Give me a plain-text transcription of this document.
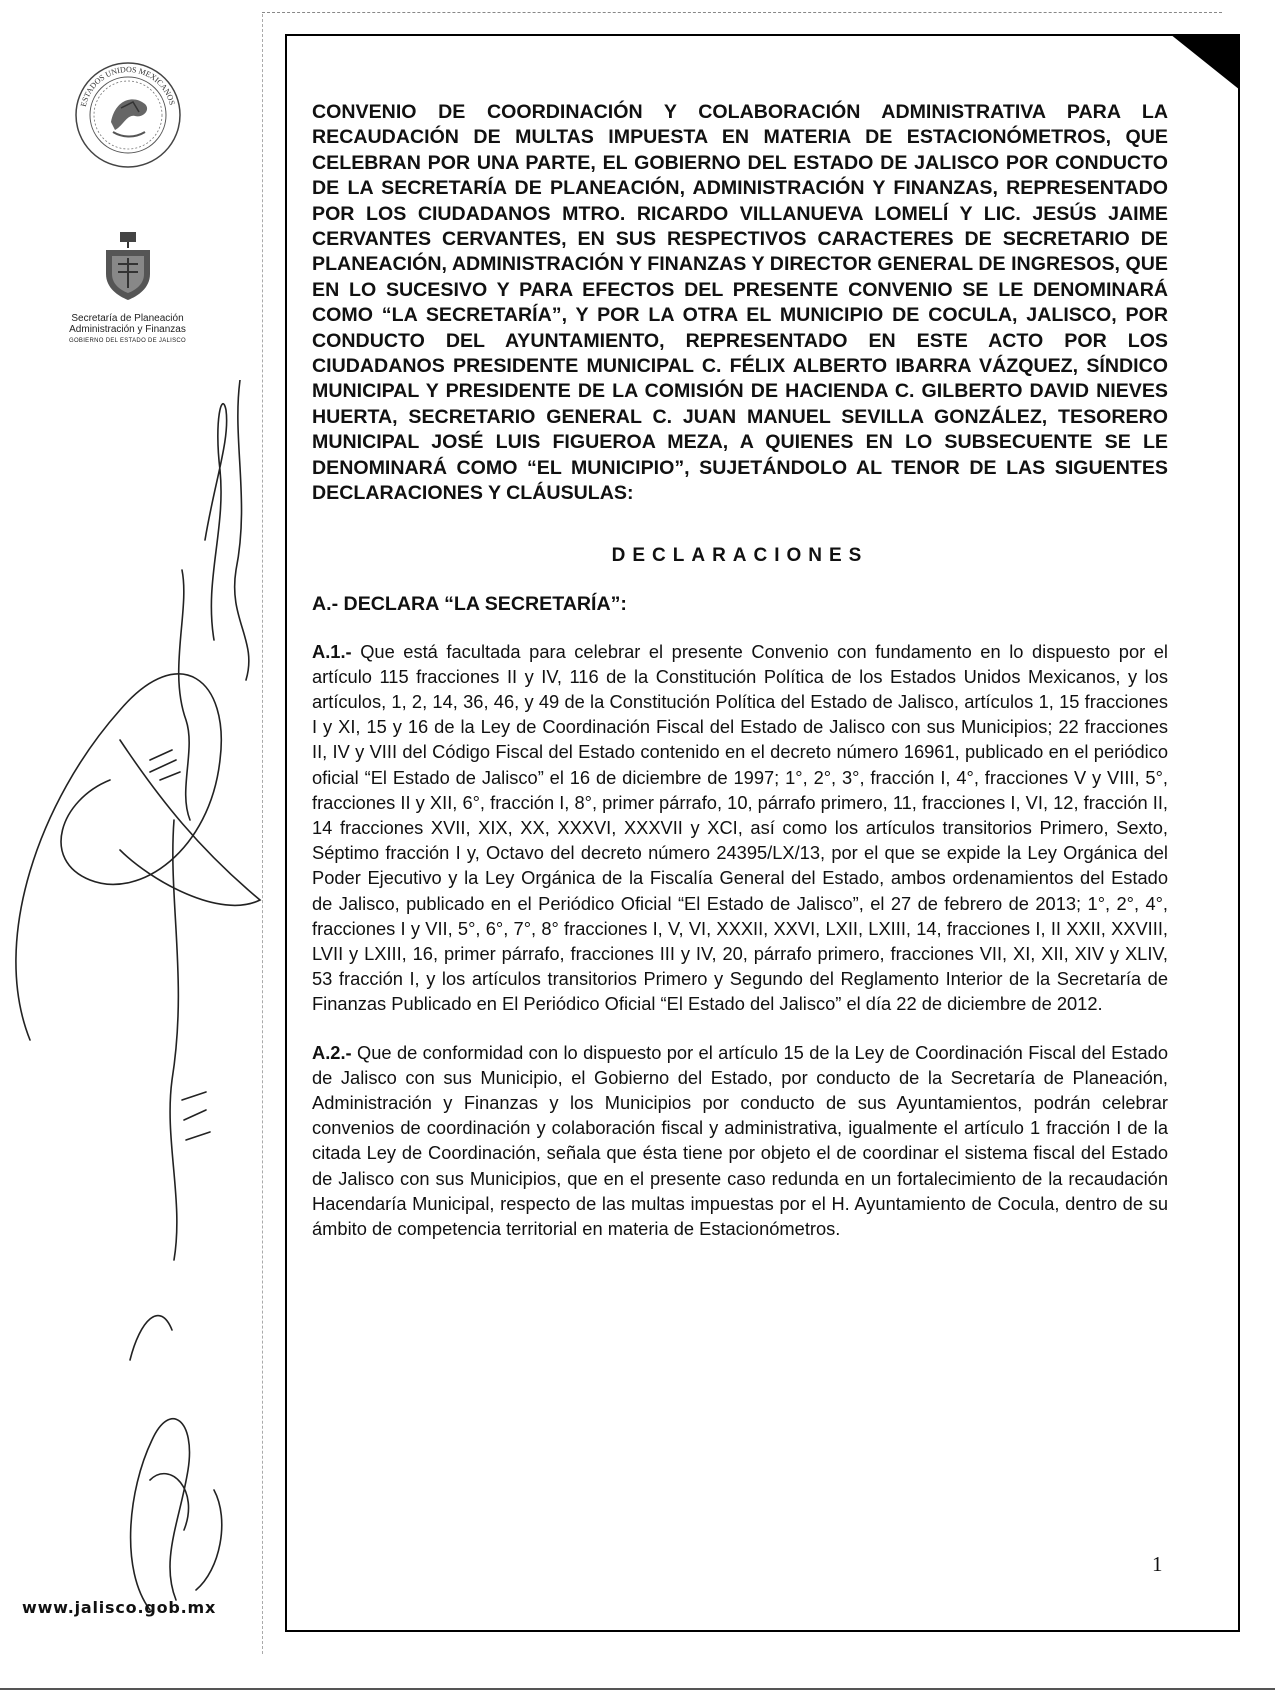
ESTADOS UNIDOS MEXICANOS
Secretaría de Planeación
Administración y Finanzas
GOBIERNO DEL ESTADO DE JALISCO

CONVENIO DE COORDINACIÓN Y COLABORACIÓN ADMINISTRATIVA PARA LA RECAUDACIÓN DE MULTAS IMPUESTA EN MATERIA DE ESTACIONÓMETROS, QUE CELEBRAN POR UNA PARTE, EL GOBIERNO DEL ESTADO DE JALISCO POR CONDUCTO DE LA SECRETARÍA DE PLANEACIÓN, ADMINISTRACIÓN Y FINANZAS, REPRESENTADO POR LOS CIUDADANOS MTRO. RICARDO VILLANUEVA LOMELÍ Y LIC. JESÚS JAIME CERVANTES CERVANTES, EN SUS RESPECTIVOS CARACTERES DE SECRETARIO DE PLANEACIÓN, ADMINISTRACIÓN Y FINANZAS Y DIRECTOR GENERAL DE INGRESOS, QUE EN LO SUCESIVO Y PARA EFECTOS DEL PRESENTE CONVENIO SE LE DENOMINARÁ COMO “LA SECRETARÍA”, Y POR LA OTRA EL MUNICIPIO DE COCULA, JALISCO, POR CONDUCTO DEL AYUNTAMIENTO, REPRESENTADO EN ESTE ACTO POR LOS CIUDADANOS PRESIDENTE MUNICIPAL C. FÉLIX ALBERTO IBARRA VÁZQUEZ, SÍNDICO MUNICIPAL Y PRESIDENTE DE LA COMISIÓN DE HACIENDA C. GILBERTO DAVID NIEVES HUERTA, SECRETARIO GENERAL C. JUAN MANUEL SEVILLA GONZÁLEZ, TESORERO MUNICIPAL JOSÉ LUIS FIGUEROA MEZA, A QUIENES EN LO SUBSECUENTE SE LE DENOMINARÁ COMO “EL MUNICIPIO”, SUJETÁNDOLO AL TENOR DE LAS SIGUENTES DECLARACIONES Y CLÁUSULAS:

DECLARACIONES

A.- DECLARA “LA SECRETARÍA”:

A.1.- Que está facultada para celebrar el presente Convenio con fundamento en lo dispuesto por el artículo 115 fracciones II y IV, 116 de la Constitución Política de los Estados Unidos Mexicanos, y los artículos, 1, 2, 14, 36, 46, y 49 de la Constitución Política del Estado de Jalisco, artículos 1, 15 fracciones I y XI, 15 y 16 de la Ley de Coordinación Fiscal del Estado de Jalisco con sus Municipios; 22 fracciones II, IV y VIII del Código Fiscal del Estado contenido en el decreto número 16961, publicado en el periódico oficial “El Estado de Jalisco” el 16 de diciembre de 1997; 1°, 2°, 3°, fracción I, 4°, fracciones V y VIII, 5°, fracciones II y XII, 6°, fracción I, 8°, primer párrafo, 10, párrafo primero, 11, fracciones I, VI, 12, fracción II, 14 fracciones XVII, XIX, XX, XXXVI, XXXVII y XCI, así como los artículos transitorios Primero, Sexto, Séptimo fracción I y, Octavo del decreto número 24395/LX/13, por el que se expide la Ley Orgánica del Poder Ejecutivo y la Ley Orgánica de la Fiscalía General del Estado, ambos ordenamientos del Estado de Jalisco, publicado en el Periódico Oficial “El Estado de Jalisco”, el 27 de febrero de 2013; 1°, 2°, 4°, fracciones I y VII, 5°, 6°, 7°, 8° fracciones I, V, VI, XXXII, XXVI, LXII, LXIII, 14, fracciones I, II XXII, XXVIII, LVII y LXIII, 16, primer párrafo, fracciones III y IV, 20, párrafo primero, fracciones VII, XI, XII, XIV y XLIV, 53 fracción I, y los artículos transitorios Primero y Segundo del Reglamento Interior de la Secretaría de Finanzas Publicado en El Periódico Oficial “El Estado del Jalisco” el día 22 de diciembre de 2012.

A.2.- Que de conformidad con lo dispuesto por el artículo 15 de la Ley de Coordinación Fiscal del Estado de Jalisco con sus Municipio, el Gobierno del Estado, por conducto de la Secretaría de Planeación, Administración y Finanzas y los Municipios por conducto de sus Ayuntamientos, podrán celebrar convenios de coordinación y colaboración fiscal y administrativa, igualmente el artículo 1 fracción I de la citada Ley de Coordinación, señala que ésta tiene por objeto el de coordinar el sistema fiscal del Estado de Jalisco con sus Municipios, que en el presente caso redunda en un fortalecimiento de la recaudación Hacendaría Municipal, respecto de las multas impuestas por el H. Ayuntamiento de Cocula, dentro de su ámbito de competencia territorial en materia de Estacionómetros.

1
www.jalisco.gob.mx
